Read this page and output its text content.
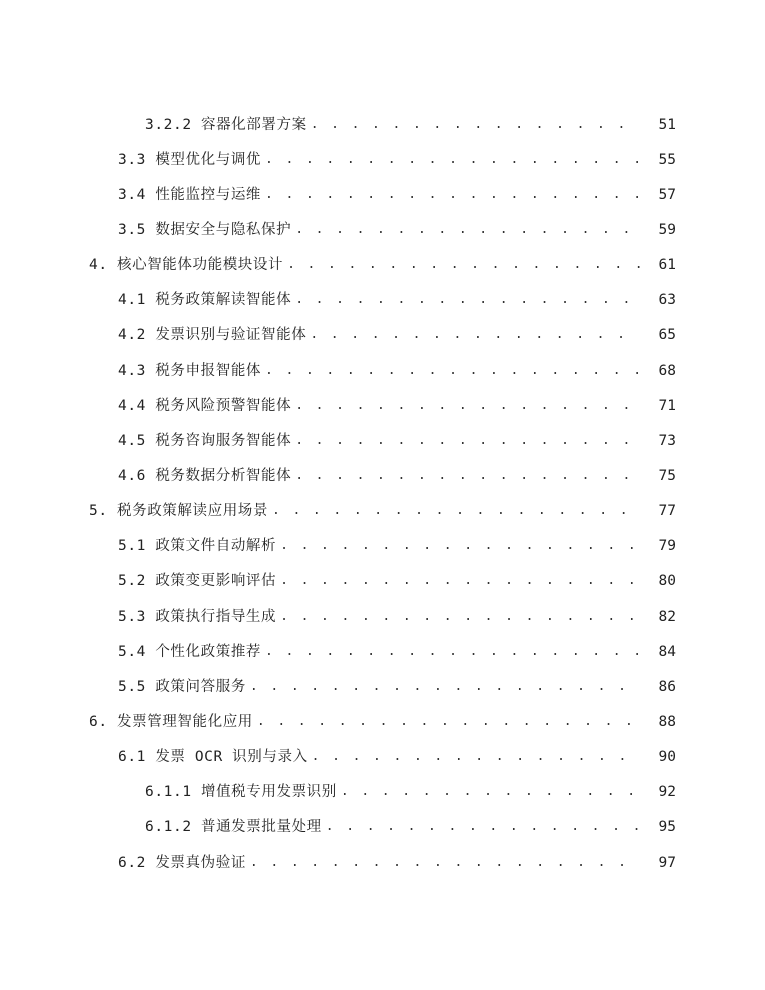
3.2.2 容器化部署方案 . . .	51
3.3 模型优化与调优 . . .	55
3.4 性能监控与运维 . . .	57
3.5 数据安全与隐私保护 . . .	59
4. 核心智能体功能模块设计 . . .	61
4.1 税务政策解读智能体 . . .	63
4.2 发票识别与验证智能体 . . .	65
4.3 税务申报智能体 . . .	68
4.4 税务风险预警智能体 . . .	71
4.5 税务咨询服务智能体 . . .	73
4.6 税务数据分析智能体 . . .	75
5. 税务政策解读应用场景 . . .	77
5.1 政策文件自动解析 . . .	79
5.2 政策变更影响评估 . . .	80
5.3 政策执行指导生成 . . .	82
5.4 个性化政策推荐 . . .	84
5.5 政策问答服务 . . .	86
6. 发票管理智能化应用 . . .	88
6.1 发票 OCR 识别与录入 . . .	90
6.1.1 增值税专用发票识别 . . .	92
6.1.2 普通发票批量处理 . . .	95
6.2 发票真伪验证 . . .	97
